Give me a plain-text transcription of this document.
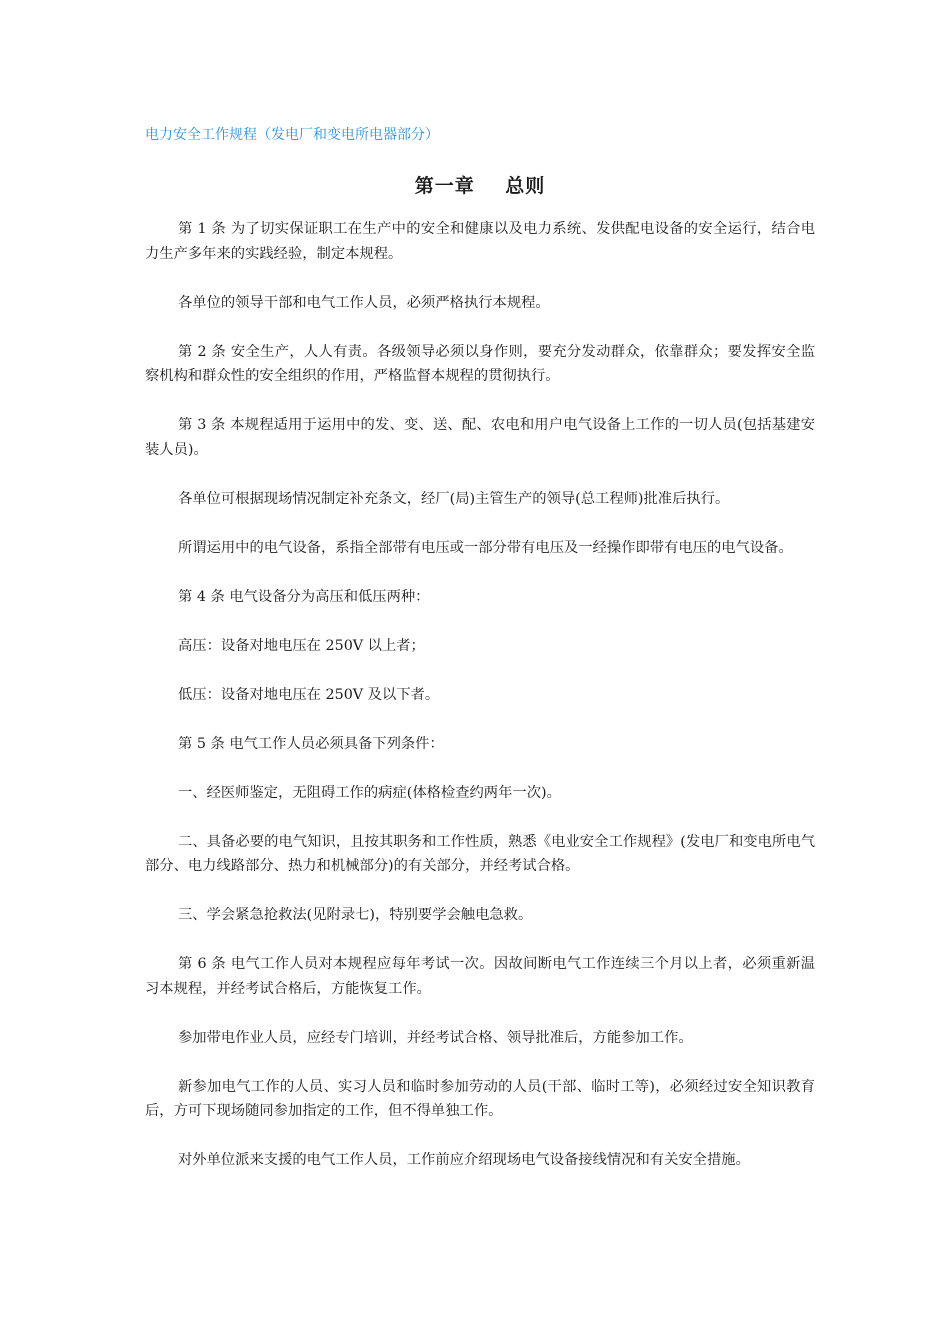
电力安全工作规程（发电厂和变电所电器部分）
第一章    总则

第 1 条 为了切实保证职工在生产中的安全和健康以及电力系统、发供配电设备的安全运行，结合电力生产多年来的实践经验，制定本规程。

各单位的领导干部和电气工作人员，必须严格执行本规程。

第 2 条 安全生产，人人有责。各级领导必须以身作则，要充分发动群众，依靠群众；要发挥安全监察机构和群众性的安全组织的作用，严格监督本规程的贯彻执行。

第 3 条 本规程适用于运用中的发、变、送、配、农电和用户电气设备上工作的一切人员(包括基建安装人员)。

各单位可根据现场情况制定补充条文，经厂(局)主管生产的领导(总工程师)批准后执行。

所谓运用中的电气设备，系指全部带有电压或一部分带有电压及一经操作即带有电压的电气设备。

第 4 条 电气设备分为高压和低压两种：

高压：设备对地电压在 250V 以上者；

低压：设备对地电压在 250V 及以下者。

第 5 条 电气工作人员必须具备下列条件：

一、经医师鉴定，无阻碍工作的病症(体格检查约两年一次)。

二、具备必要的电气知识，且按其职务和工作性质，熟悉《电业安全工作规程》(发电厂和变电所电气部分、电力线路部分、热力和机械部分)的有关部分，并经考试合格。

三、学会紧急抢救法(见附录七)，特别要学会触电急救。

第 6 条 电气工作人员对本规程应每年考试一次。因故间断电气工作连续三个月以上者，必须重新温习本规程，并经考试合格后，方能恢复工作。

参加带电作业人员，应经专门培训，并经考试合格、领导批准后，方能参加工作。

新参加电气工作的人员、实习人员和临时参加劳动的人员(干部、临时工等)，必须经过安全知识教育后，方可下现场随同参加指定的工作，但不得单独工作。

对外单位派来支援的电气工作人员，工作前应介绍现场电气设备接线情况和有关安全措施。
